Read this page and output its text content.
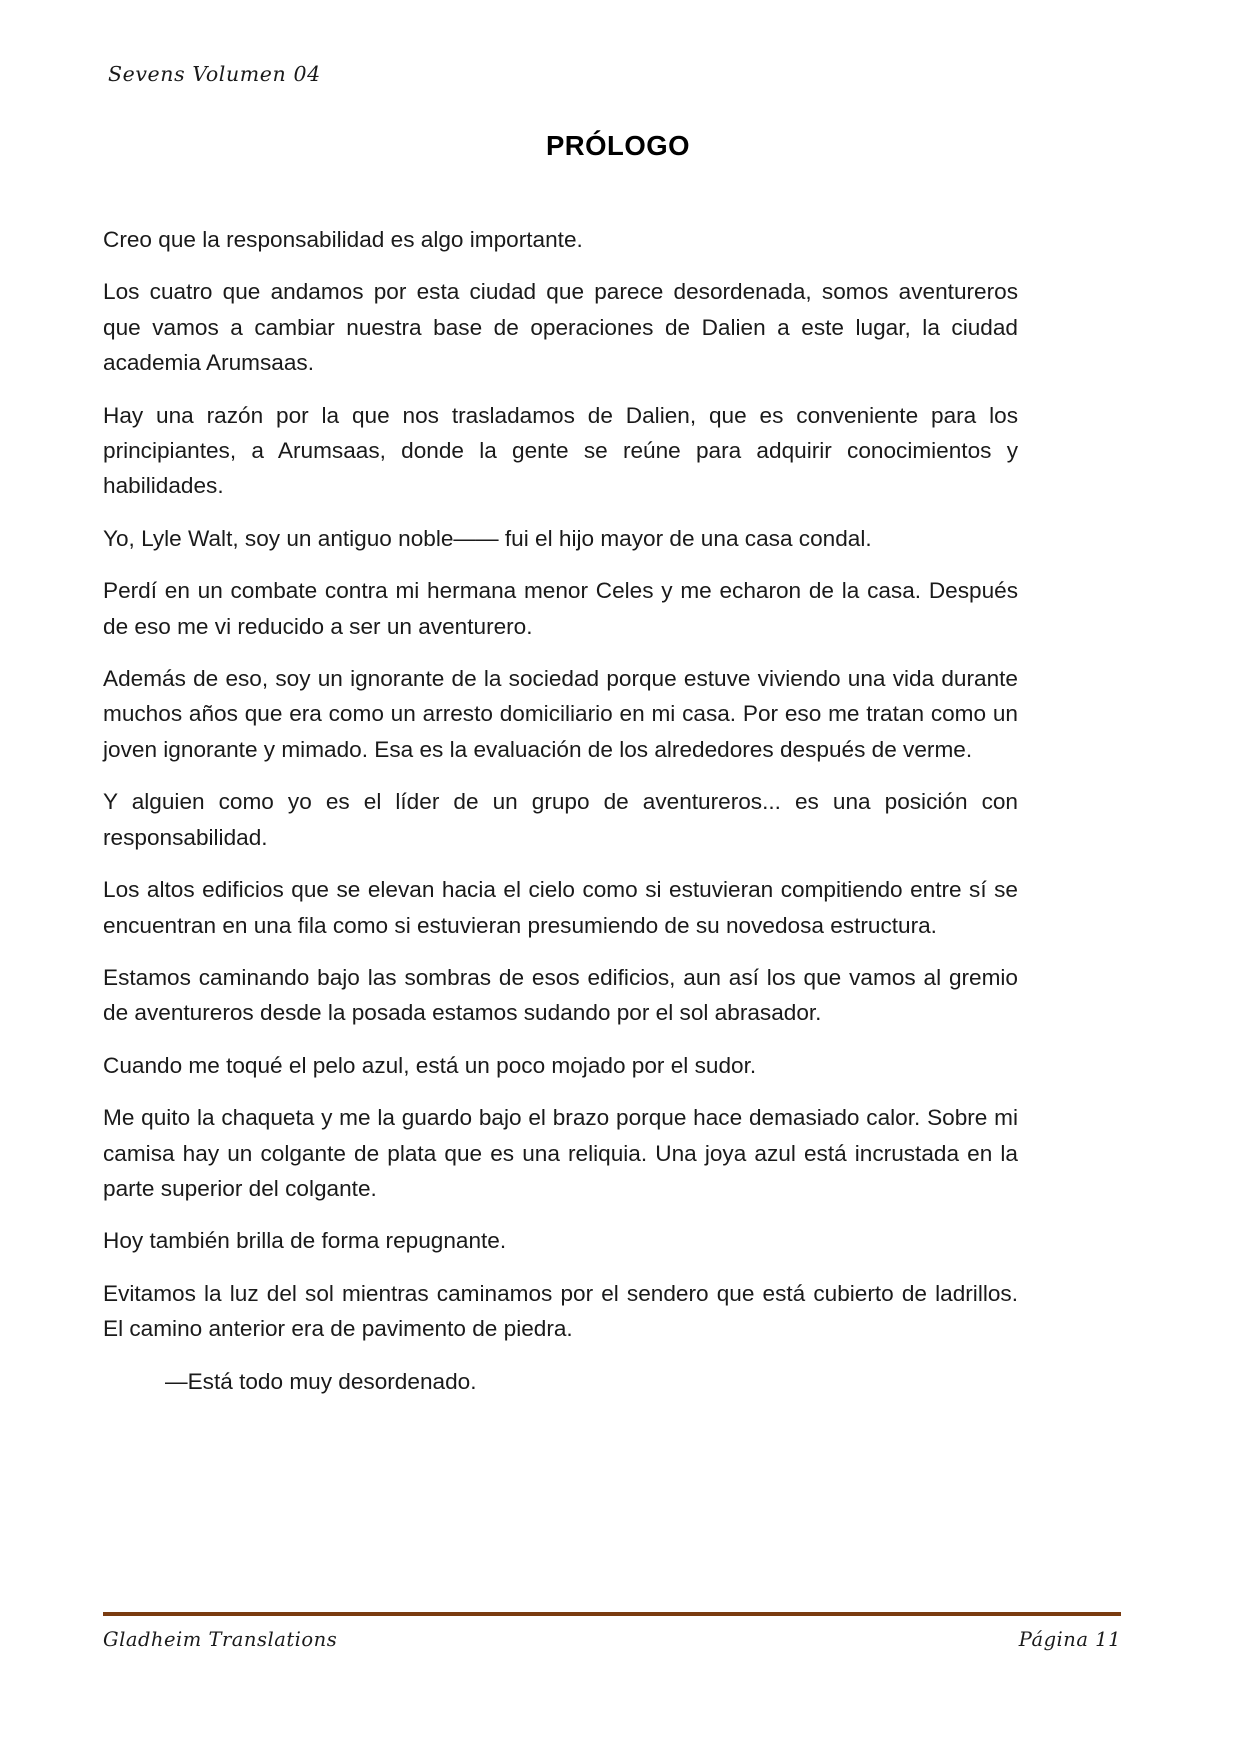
Sevens Volumen 04
PRÓLOGO

Creo que la responsabilidad es algo importante.

Los cuatro que andamos por esta ciudad que parece desordenada, somos aventureros que vamos a cambiar nuestra base de operaciones de Dalien a este lugar, la ciudad academia Arumsaas.

Hay una razón por la que nos trasladamos de Dalien, que es conveniente para los principiantes, a Arumsaas, donde la gente se reúne para adquirir conocimientos y habilidades.

Yo, Lyle Walt, soy un antiguo noble—— fui el hijo mayor de una casa condal.

Perdí en un combate contra mi hermana menor Celes y me echaron de la casa. Después de eso me vi reducido a ser un aventurero.

Además de eso, soy un ignorante de la sociedad porque estuve viviendo una vida durante muchos años que era como un arresto domiciliario en mi casa. Por eso me tratan como un joven ignorante y mimado. Esa es la evaluación de los alrededores después de verme.

Y alguien como yo es el líder de un grupo de aventureros... es una posición con responsabilidad.

Los altos edificios que se elevan hacia el cielo como si estuvieran compitiendo entre sí se encuentran en una fila como si estuvieran presumiendo de su novedosa estructura.

Estamos caminando bajo las sombras de esos edificios, aun así los que vamos al gremio de aventureros desde la posada estamos sudando por el sol abrasador.

Cuando me toqué el pelo azul, está un poco mojado por el sudor.

Me quito la chaqueta y me la guardo bajo el brazo porque hace demasiado calor. Sobre mi camisa hay un colgante de plata que es una reliquia. Una joya azul está incrustada en la parte superior del colgante.

Hoy también brilla de forma repugnante.

Evitamos la luz del sol mientras caminamos por el sendero que está cubierto de ladrillos. El camino anterior era de pavimento de piedra.

—Está todo muy desordenado.

Gladheim Translations	Página 11
